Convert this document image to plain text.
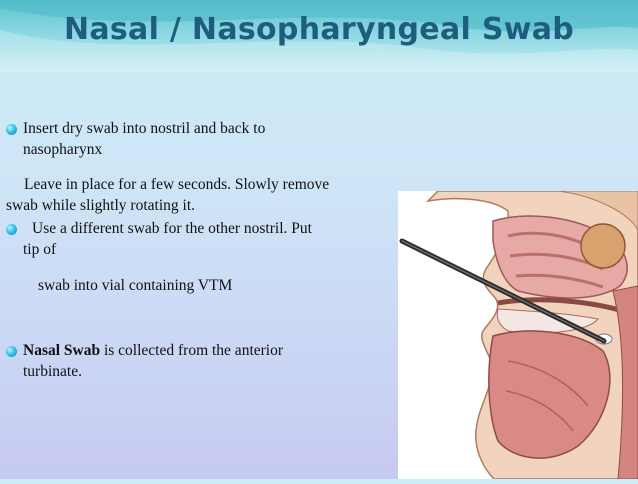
Nasal / Nasopharyngeal Swab
Insert dry swab into nostril and back to
nasopharynx
Leave in place for a few seconds. Slowly remove
swab while slightly rotating it.
Use a different swab for the other nostril. Put
tip of
swab into vial containing VTM
Nasal Swab is collected from the anterior
turbinate.
